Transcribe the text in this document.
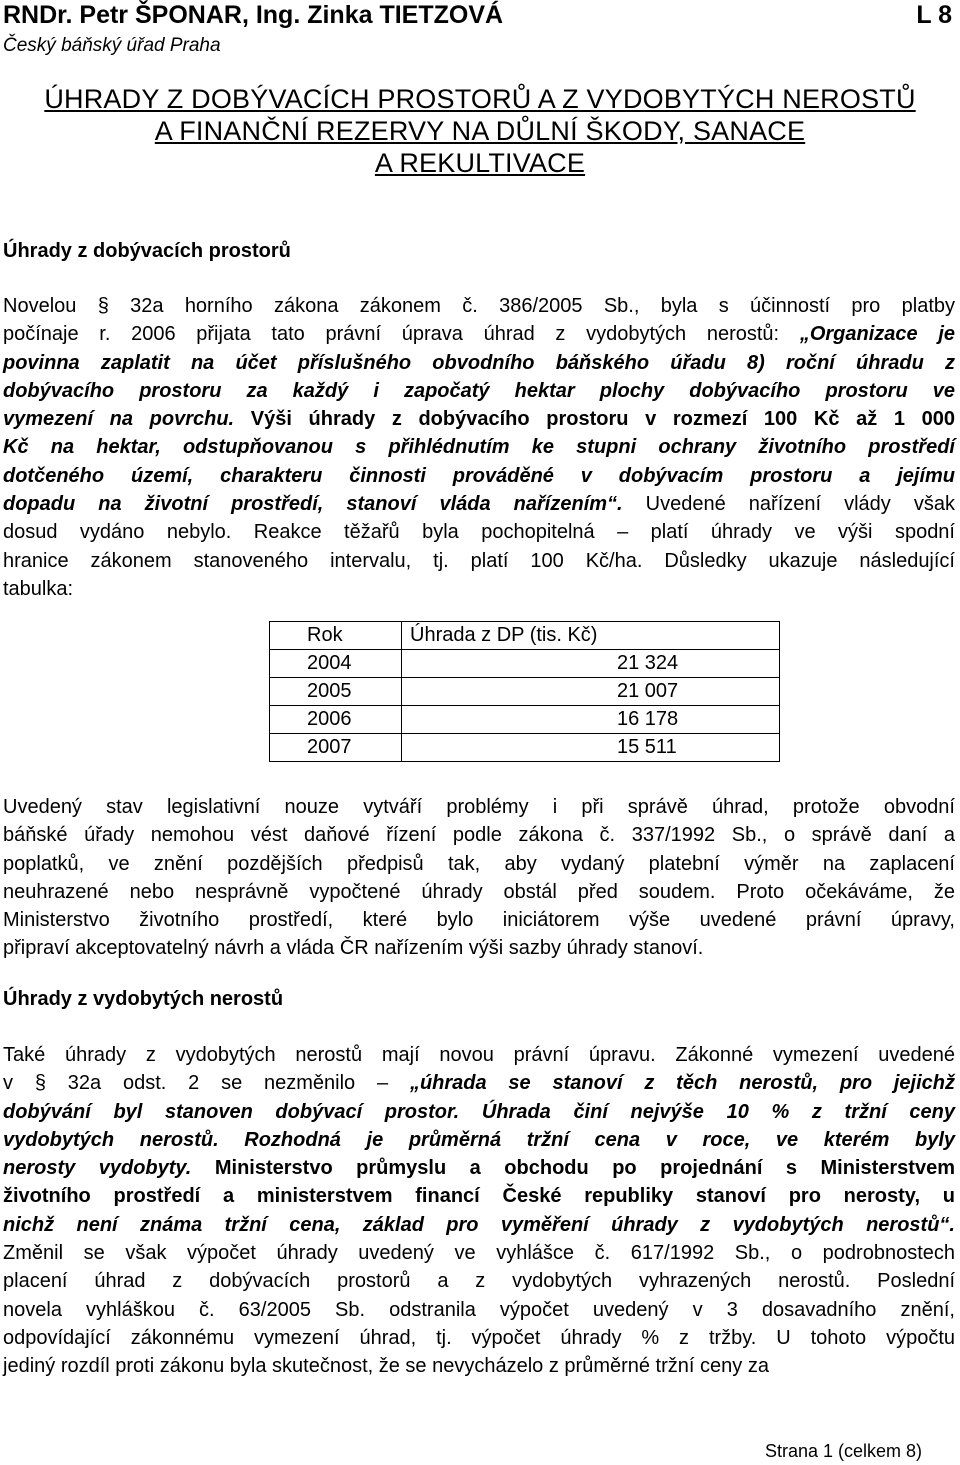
RNDr. Petr ŠPONAR, Ing. Zinka TIETZOVÁ
Český báňský úřad Praha
L 8
ÚHRADY Z DOBÝVACÍCH PROSTORŮ A Z VYDOBYTÝCH NEROSTŮ
A FINANČNÍ REZERVY NA DŮLNÍ ŠKODY, SANACE
A REKULTIVACE
Úhrady z dobývacích prostorů
Novelou § 32a horního zákona zákonem č. 386/2005 Sb., byla s účinností pro platby
počínaje r. 2006 přijata tato právní úprava úhrad z vydobytých nerostů: „Organizace je
povinna zaplatit na účet příslušného obvodního báňského úřadu 8) roční úhradu z
dobývacího prostoru za každý i započatý hektar plochy dobývacího prostoru ve
vymezení na povrchu. Výši úhrady z dobývacího prostoru v rozmezí 100 Kč až 1 000
Kč na hektar, odstupňovanou s přihlédnutím ke stupni ochrany životního prostředí
dotčeného území, charakteru činnosti prováděné v dobývacím prostoru a jejímu
dopadu na životní prostředí, stanoví vláda nařízením“. Uvedené nařízení vlády však
dosud vydáno nebylo. Reakce těžařů byla pochopitelná – platí úhrady ve výši spodní
hranice zákonem stanoveného intervalu, tj. platí 100 Kč/ha. Důsledky ukazuje následující
tabulka:
Rok	Úhrada z DP (tis. Kč)
2004	21 324
2005	21 007
2006	16 178
2007	15 511
Uvedený stav legislativní nouze vytváří problémy i při správě úhrad, protože obvodní
báňské úřady nemohou vést daňové řízení podle zákona č. 337/1992 Sb., o správě daní a
poplatků, ve znění pozdějších předpisů tak, aby vydaný platební výměr na zaplacení
neuhrazené nebo nesprávně vypočtené úhrady obstál před soudem. Proto očekáváme, že
Ministerstvo životního prostředí, které bylo iniciátorem výše uvedené právní úpravy,
připraví akceptovatelný návrh a vláda ČR nařízením výši sazby úhrady stanoví.
Úhrady z vydobytých nerostů
Také úhrady z vydobytých nerostů mají novou právní úpravu. Zákonné vymezení uvedené
v § 32a odst. 2 se nezměnilo – „úhrada se stanoví z těch nerostů, pro jejichž
dobývání byl stanoven dobývací prostor. Úhrada činí nejvýše 10 % z tržní ceny
vydobytých nerostů. Rozhodná je průměrná tržní cena v roce, ve kterém byly
nerosty vydobyty. Ministerstvo průmyslu a obchodu po projednání s Ministerstvem
životního prostředí a ministerstvem financí České republiky stanoví pro nerosty, u
nichž není známa tržní cena, základ pro vyměření úhrady z vydobytých nerostů“.
Změnil se však výpočet úhrady uvedený ve vyhlášce č. 617/1992 Sb., o podrobnostech
placení úhrad z dobývacích prostorů a z vydobytých vyhrazených nerostů. Poslední
novela vyhláškou č. 63/2005 Sb. odstranila výpočet uvedený v 3 dosavadního znění,
odpovídající zákonnému vymezení úhrad, tj. výpočet úhrady % z tržby. U tohoto výpočtu
jediný rozdíl proti zákonu byla skutečnost, že se nevycházelo z průměrné tržní ceny za
Strana 1 (celkem 8)
